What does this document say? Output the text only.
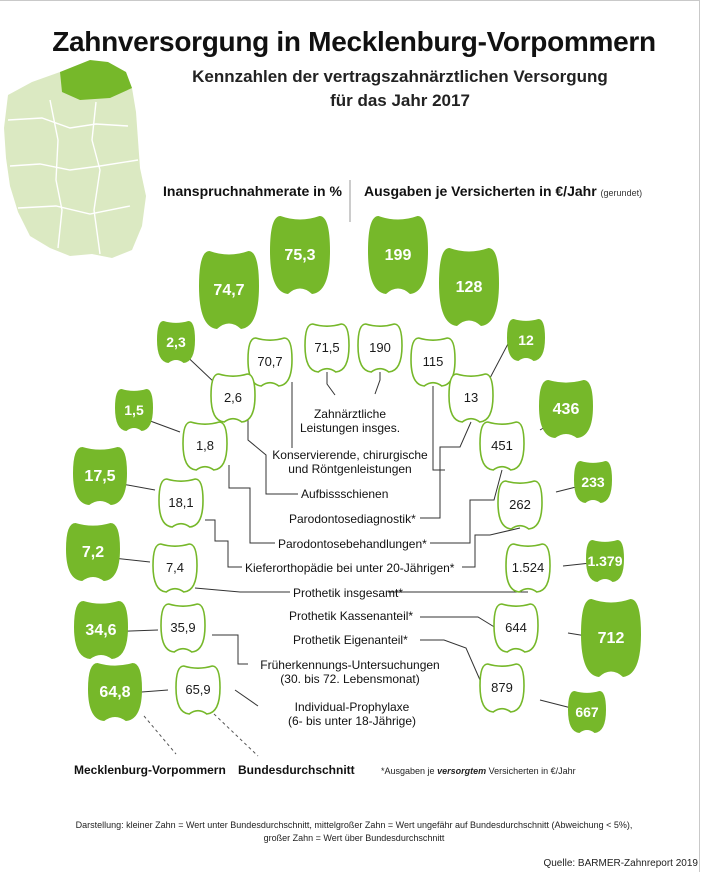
71,5
70,7
2,6
1,8
18,1
7,4
35,9
65,9
190
115
13
451
262
1.524
644
879
75,3
74,7
2,3
1,5
17,5
7,2
34,6
64,8
199
128
12
436
233
1.379
712
667
Zahnversorgung in Mecklenburg-Vorpommern
Kennzahlen der vertragszahnärztlichen Versorgung
für das Jahr 2017
Inanspruchnahmerate in % Ausgaben je Versicherten in €/Jahr (gerundet)
Zahnärztliche
Leistungen insges.
Konservierende, chirurgische
und Röntgenleistungen
Aufbissschienen
Parodontosediagnostik*
Parodontosebehandlungen*
Kieferorthopädie bei unter 20-Jährigen*
Prothetik insgesamt*
Prothetik Kassenanteil*
Prothetik Eigenanteil*
Früherkennungs-Untersuchungen
(30. bis 72. Lebensmonat)
Individual-Prophylaxe
(6- bis unter 18-Jährige)
Mecklenburg-Vorpommern Bundesdurchschnitt	*Ausgaben je versorgtem Versicherten in €/Jahr
Darstellung: kleiner Zahn = Wert unter Bundesdurchschnitt, mittelgroßer Zahn = Wert ungefähr auf Bundesdurchschnitt (Abweichung < 5%),
großer Zahn = Wert über Bundesdurchschnitt
Quelle: BARMER-Zahnreport 2019
